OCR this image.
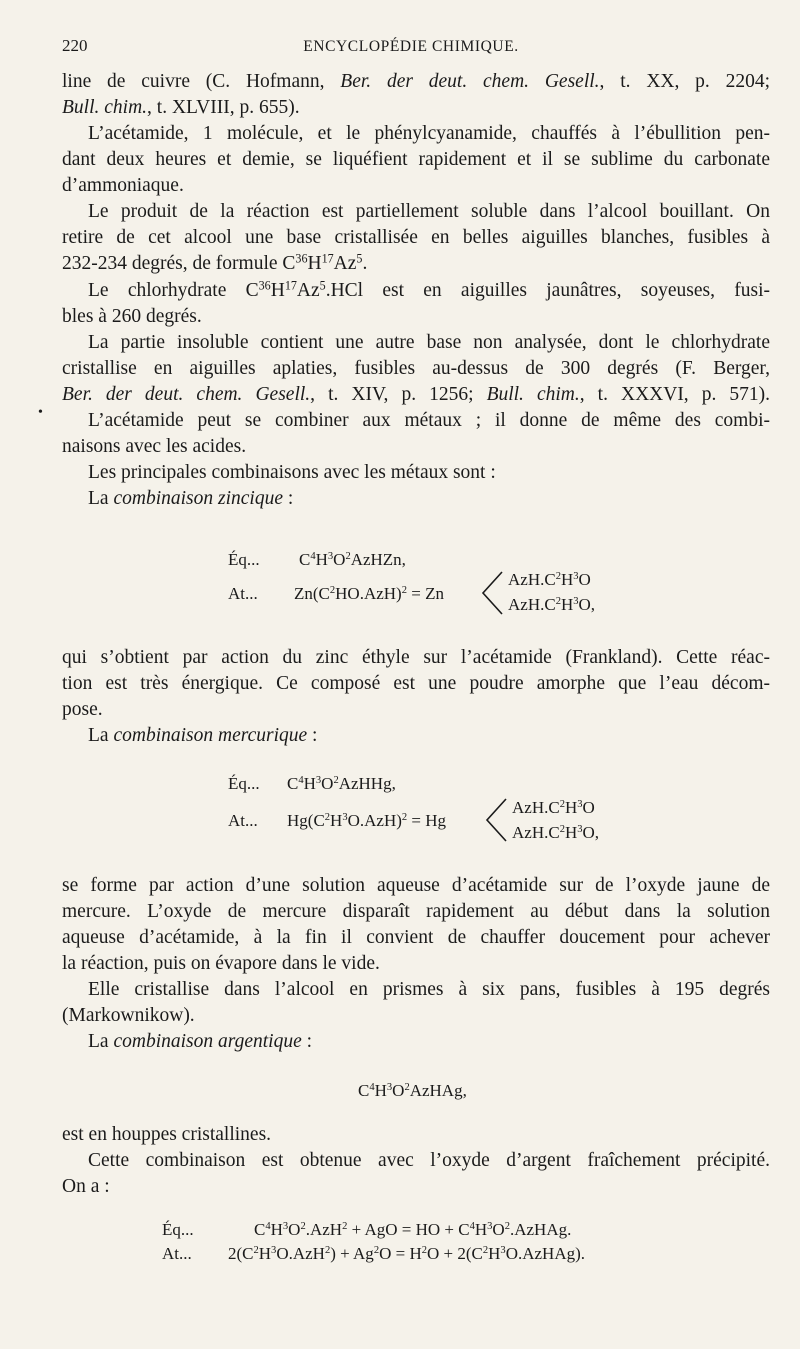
220	ENCYCLOPÉDIE CHIMIQUE.
line de cuivre (C. Hofmann, Ber. der deut. chem. Gesell., t. XX, p. 2204;
Bull. chim., t. XLVIII, p. 655).
L’acétamide, 1 molécule, et le phénylcyanamide, chauffés à l’ébullition pen-
dant deux heures et demie, se liquéfient rapidement et il se sublime du carbonate
d’ammoniaque.
Le produit de la réaction est partiellement soluble dans l’alcool bouillant. On
retire de cet alcool une base cristallisée en belles aiguilles blanches, fusibles à
232-234 degrés, de formule $C^{36}H^{17}Az^5$.
Le chlorhydrate $C^{36}H^{17}Az^5.HCl$ est en aiguilles jaunâtres, soyeuses, fusi-
bles à 260 degrés.
La partie insoluble contient une autre base non analysée, dont le chlorhydrate
cristallise en aiguilles aplaties, fusibles au-dessus de 300 degrés (F. Berger,
Ber. der deut. chem. Gesell., t. XIV, p. 1256; Bull. chim., t. XXXVI, p. 571).
• L’acétamide peut se combiner aux métaux ; il donne de même des combi-
naisons avec les acides.
Les principales combinaisons avec les métaux sont :
La combinaison zincique :
Éq... $C^4H^3O^2AzHZn$,
At... $Zn(C^2HO.AzH)^2 = Zn$
$AzH.C^2H^3O$
$AzH.C^2H^3O$,
qui s’obtient par action du zinc éthyle sur l’acétamide (Frankland). Cette réac-
tion est très énergique. Ce composé est une poudre amorphe que l’eau décom-
pose.
La combinaison mercurique :
Éq... $C^4H^3O^2AzHHg$,
At... $Hg(C^2H^3O.AzH)^2 = Hg$
$AzH.C^2H^3O$
$AzH.C^2H^3O$,
se forme par action d’une solution aqueuse d’acétamide sur de l’oxyde jaune de
mercure. L’oxyde de mercure disparaît rapidement au début dans la solution
aqueuse d’acétamide, à la fin il convient de chauffer doucement pour achever
la réaction, puis on évapore dans le vide.
Elle cristallise dans l’alcool en prismes à six pans, fusibles à 195 degrés
(Markownikow).
La combinaison argentique :
$C^4H^3O^2AzHAg$,
est en houppes cristallines.
Cette combinaison est obtenue avec l’oxyde d’argent fraîchement précipité.
On a :
Éq...	$C^4H^3O^2.AzH^2$ + AgO = HO + $C^4H^3O^2.AzHAg$.
At... $2(C^2H^3O.AzH^2) + Ag^2O = H^2O$ + $2(C^2H^3O.AzHAg)$.
